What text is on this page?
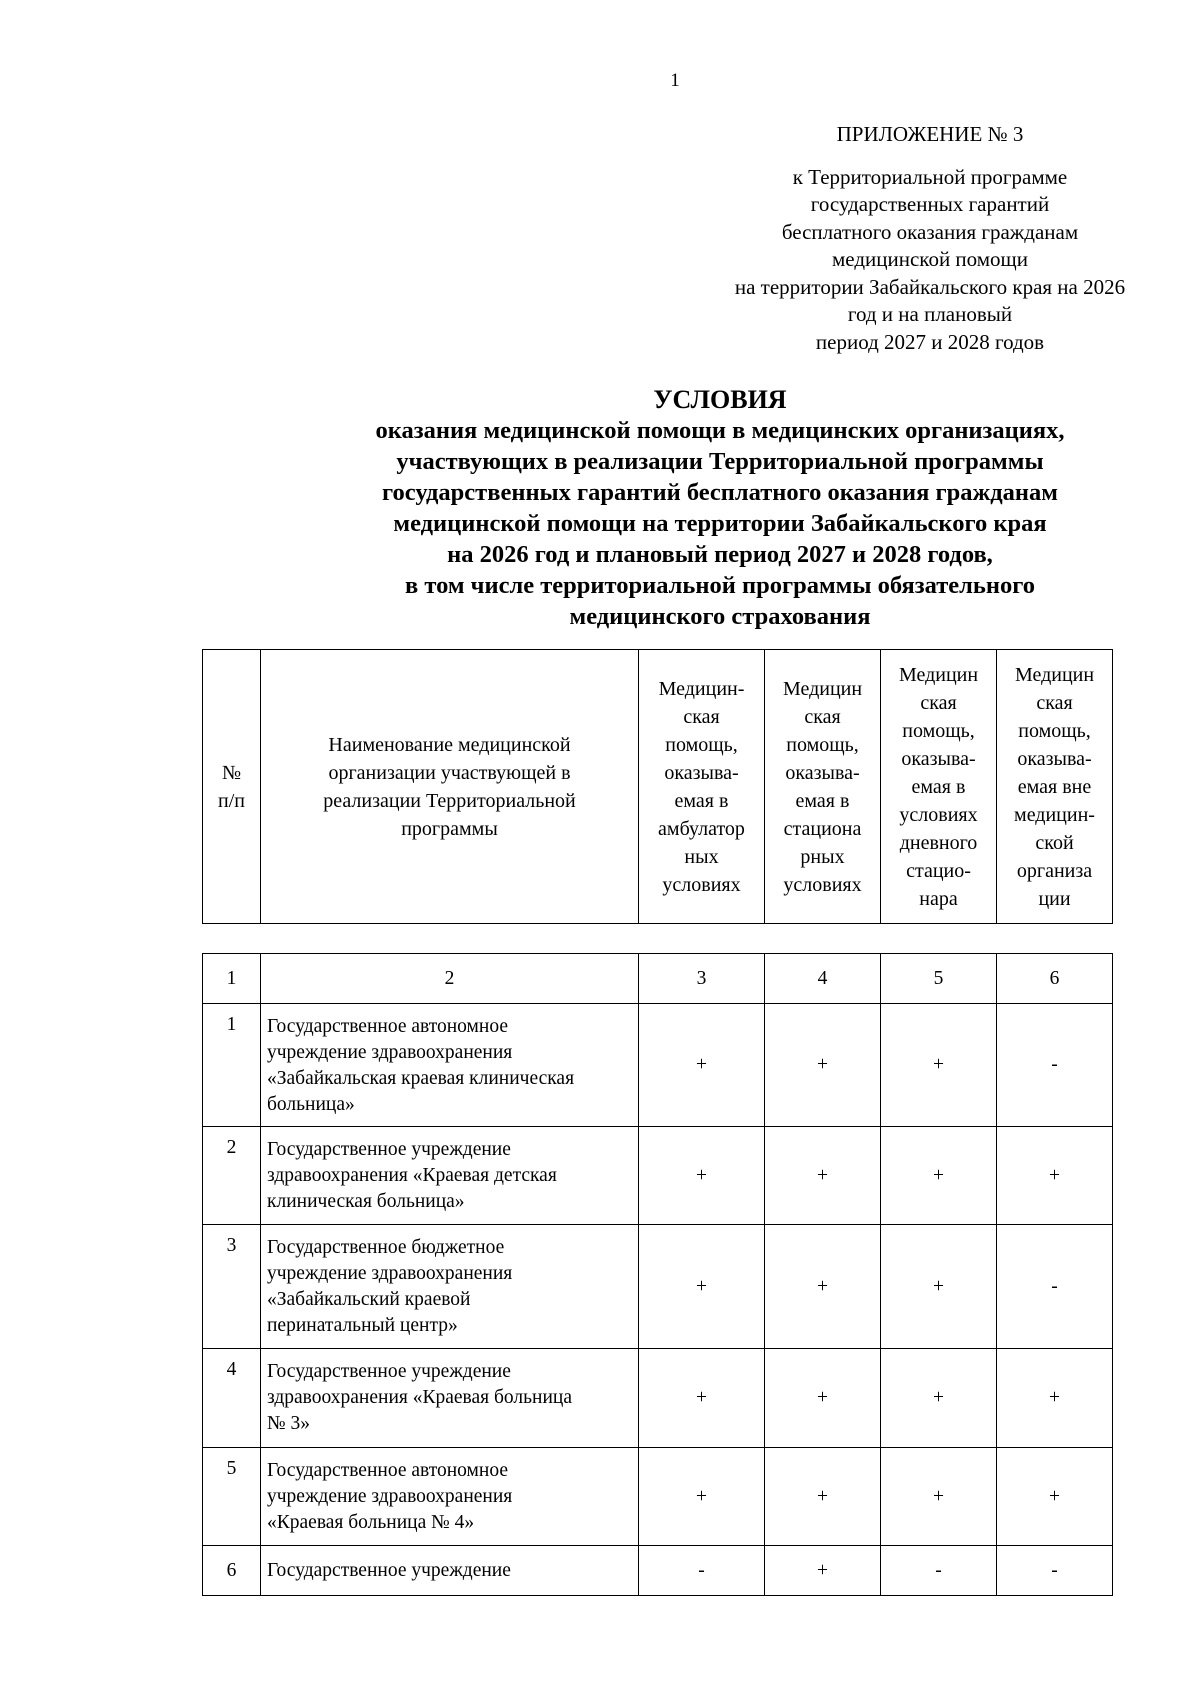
1
ПРИЛОЖЕНИЕ № 3
к Территориальной программе
государственных гарантий
бесплатного оказания гражданам
медицинской помощи
на территории Забайкальского края на 2026
год и на плановый
период 2027 и 2028 годов
УСЛОВИЯ
оказания медицинской помощи в медицинских организациях,
участвующих в реализации Территориальной программы
государственных гарантий бесплатного оказания гражданам
медицинской помощи на территории Забайкальского края
на 2026 год и плановый период 2027 и 2028 годов,
в том числе территориальной программы обязательного
медицинского страхования
№
п/п

Наименование медицинской
организации участвующей в
реализации Территориальной
программы

Медицин-
ская
помощь,
оказыва-
емая в
амбулатор
ных
условиях

Медицин
ская
помощь,
оказыва-
емая в
стациона
рных
условиях

Медицин
ская
помощь,
оказыва-
емая в
условиях
дневного
стацио-
нара

Медицин
ская
помощь,
оказыва-
емая вне
медицин-
ской
организа
ции
1	2	3	4	5	6
1	Государственное автономное
учреждение здравоохранения
«Забайкальская краевая клиническая
больница»	+	+	+	-
2	Государственное учреждение
здравоохранения «Краевая детская
клиническая больница»	+	+	+	+
3	Государственное бюджетное
учреждение здравоохранения
«Забайкальский краевой
перинатальный центр»	+	+	+	-
4	Государственное учреждение
здравоохранения «Краевая больница
№ 3»	+	+	+	+
5	Государственное автономное
учреждение здравоохранения
«Краевая больница № 4»	+	+	+	+
6	Государственное учреждение	-	+	-	-
